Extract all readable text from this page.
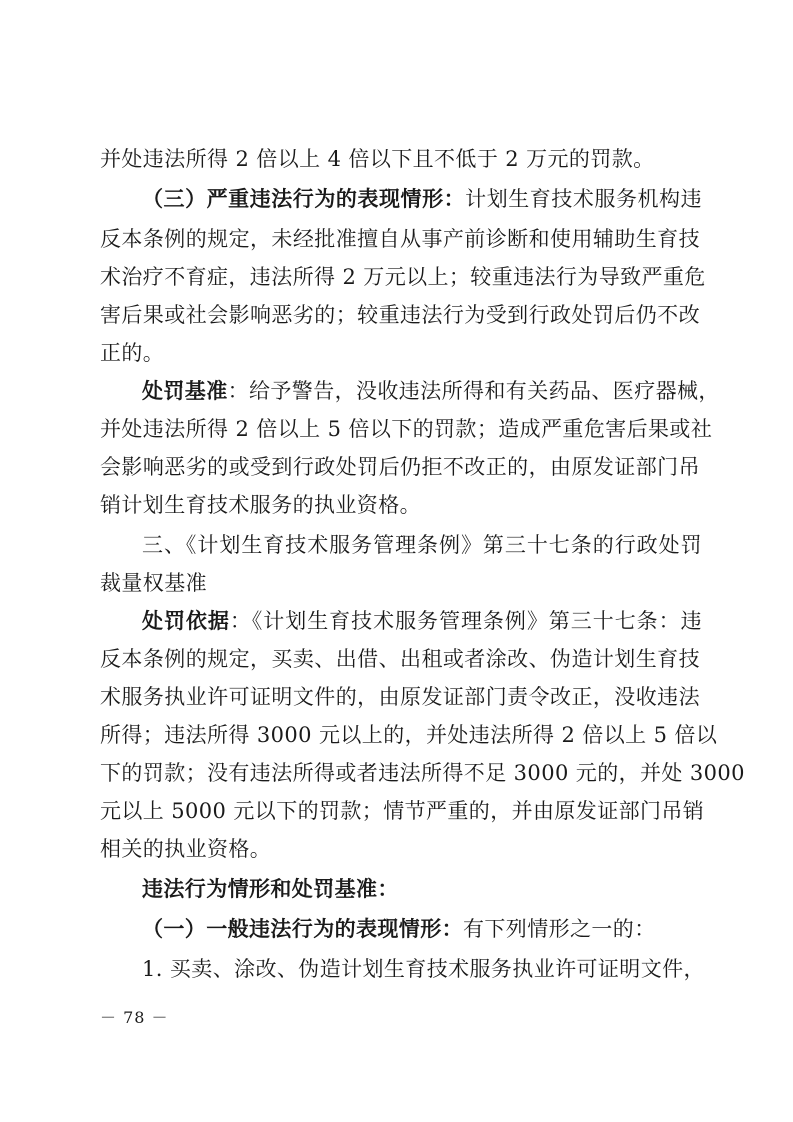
并处违法所得 2 倍以上 4 倍以下且不低于 2 万元的罚款。
（三）严重违法行为的表现情形：计划生育技术服务机构违
反本条例的规定，未经批准擅自从事产前诊断和使用辅助生育技
术治疗不育症，违法所得 2 万元以上；较重违法行为导致严重危
害后果或社会影响恶劣的；较重违法行为受到行政处罚后仍不改
正的。
处罚基准：给予警告，没收违法所得和有关药品、医疗器械，
并处违法所得 2 倍以上 5 倍以下的罚款；造成严重危害后果或社
会影响恶劣的或受到行政处罚后仍拒不改正的，由原发证部门吊
销计划生育技术服务的执业资格。
三、《计划生育技术服务管理条例》第三十七条的行政处罚
裁量权基准
处罚依据：《计划生育技术服务管理条例》第三十七条：违
反本条例的规定，买卖、出借、出租或者涂改、伪造计划生育技
术服务执业许可证明文件的，由原发证部门责令改正，没收违法
所得；违法所得 3000 元以上的，并处违法所得 2 倍以上 5 倍以
下的罚款；没有违法所得或者违法所得不足 3000 元的，并处 3000
元以上 5000 元以下的罚款；情节严重的，并由原发证部门吊销
相关的执业资格。
违法行为情形和处罚基准：
（一）一般违法行为的表现情形：有下列情形之一的：
1. 买卖、涂改、伪造计划生育技术服务执业许可证明文件，
－ 78 －
